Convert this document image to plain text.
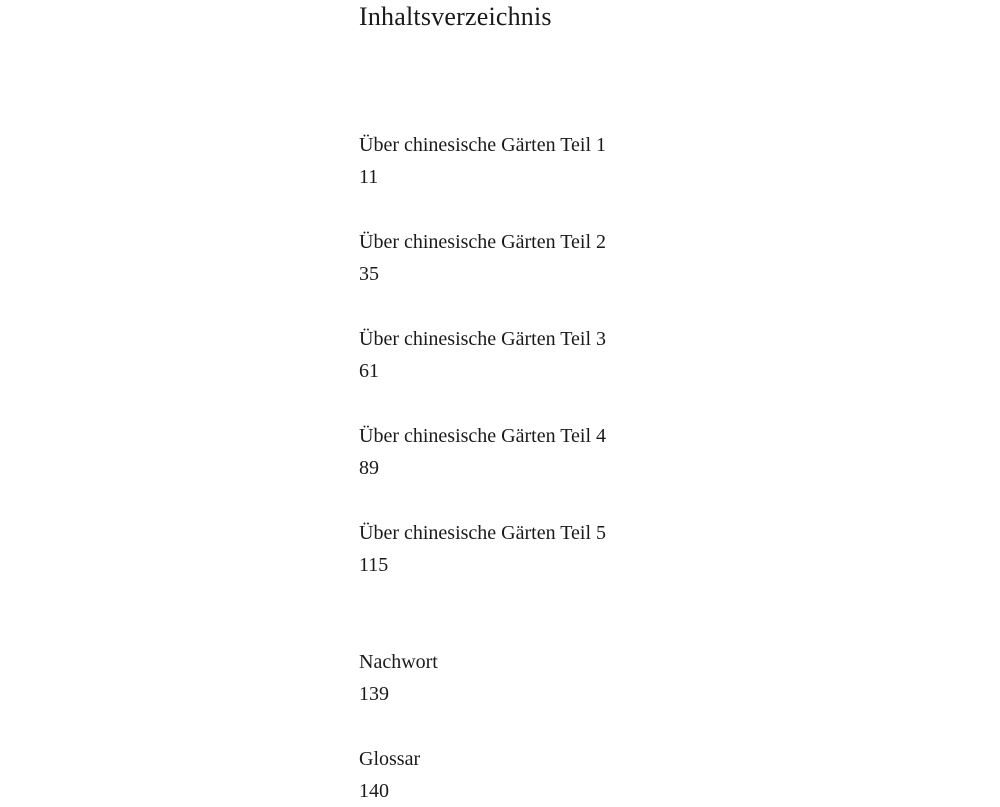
Inhaltsverzeichnis
Über chinesische Gärten Teil 1
11
Über chinesische Gärten Teil 2
35
Über chinesische Gärten Teil 3
61
Über chinesische Gärten Teil 4
89
Über chinesische Gärten Teil 5
115
Nachwort
139
Glossar
140
